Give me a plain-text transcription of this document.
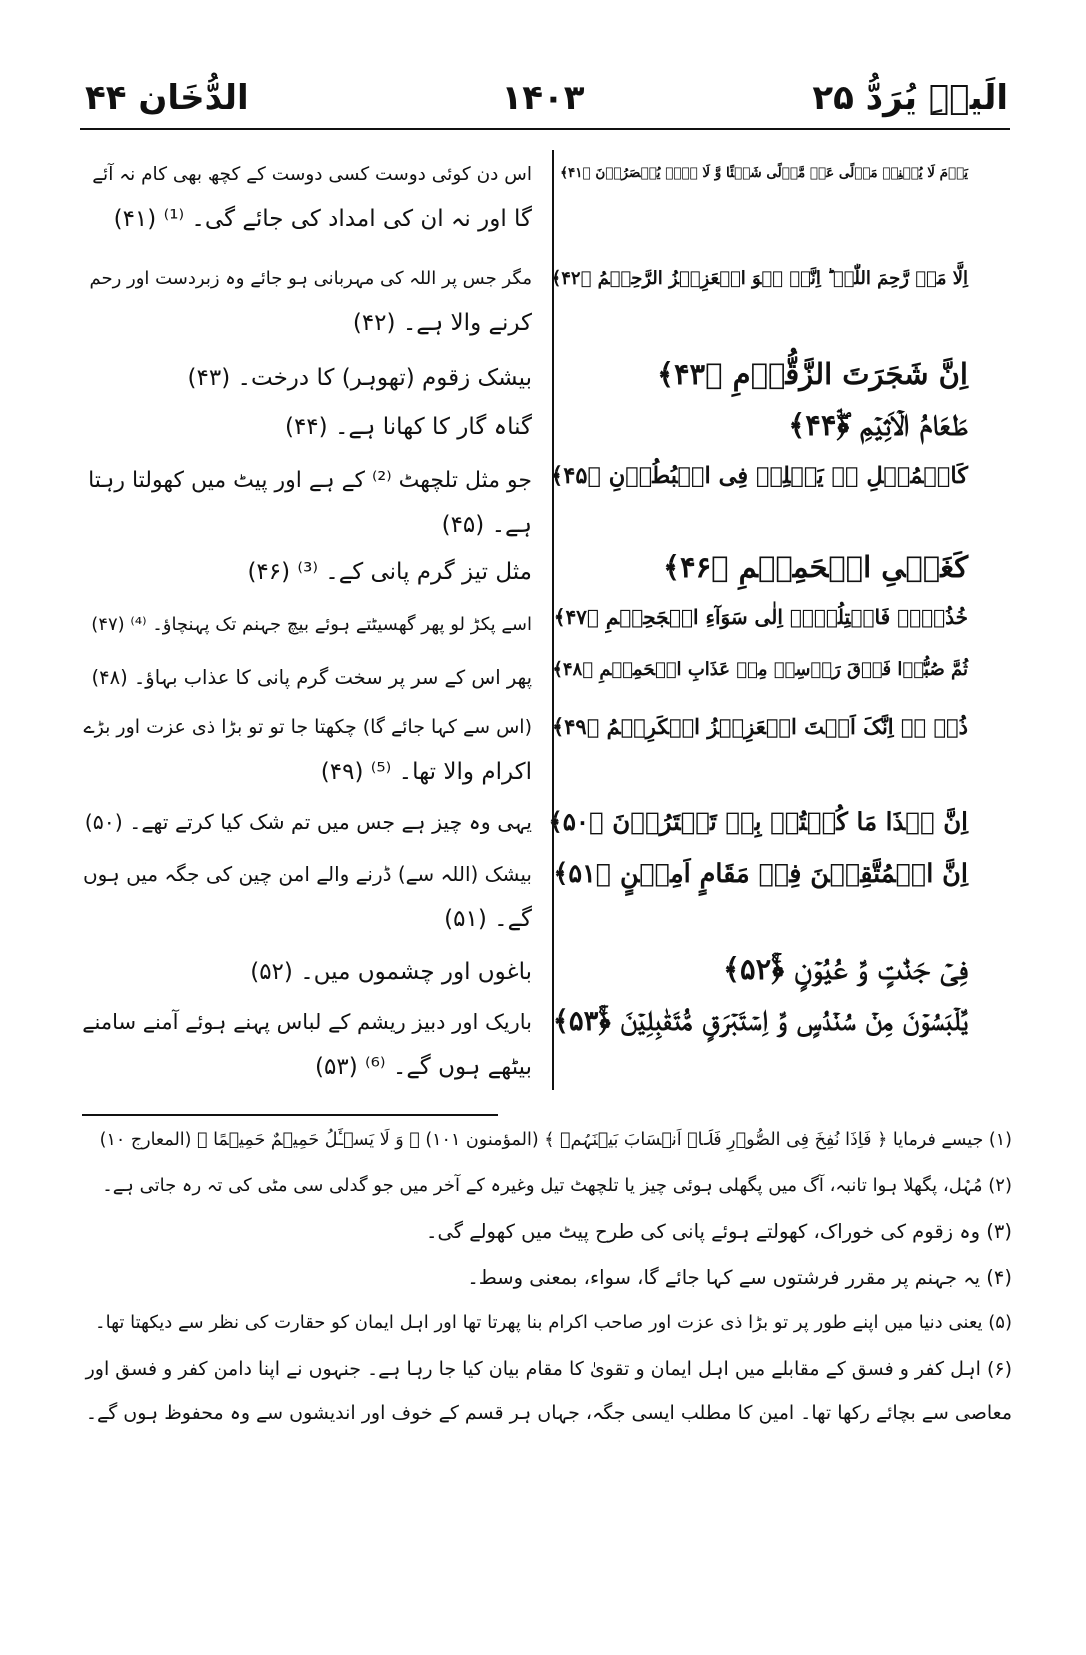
الَیۡہِ یُرَدُّ ۲۵
۱۴۰۳
الدُّخَان ۴۴
یَوۡمَ لَا یُغۡنِیۡ مَوۡلًی عَنۡ مَّوۡلًی شَیۡئًا وَّ لَا ہُمۡ یُنۡصَرُوۡنَ ﴿۴۱﴾
اس دن کوئی دوست کسی دوست کے کچھ بھی کام نہ آئے
گا اور نہ ان کی امداد کی جائے گی۔ ⁽¹⁾ (۴۱)
اِلَّا مَنۡ رَّحِمَ اللّٰہُ ؕ اِنَّہٗ ہُوَ الۡعَزِیۡزُ الرَّحِیۡمُ ﴿۴۲﴾
مگر جس پر اللہ کی مہربانی ہو جائے وہ زبردست اور رحم
کرنے والا ہے۔ (۴۲)
اِنَّ شَجَرَتَ الزَّقُّوۡمِ ﴿۴۳﴾
بیشک زقوم (تھوہر) کا درخت۔ (۴۳)
طَعَامُ الۡاَثِیۡمِ ﴿ۖۛ۴۴﴾
گناہ گار کا کھانا ہے۔ (۴۴)
کَالۡمُہۡلِ ۚۛ یَغۡلِیۡ فِی الۡبُطُوۡنِ ﴿۴۵﴾
جو مثل تلچھٹ ⁽²⁾ کے ہے اور پیٹ میں کھولتا رہتا
ہے۔ (۴۵)
کَغَلۡیِ الۡحَمِیۡمِ ﴿۴۶﴾
مثل تیز گرم پانی کے۔ ⁽³⁾ (۴۶)
خُذُوۡہُ فَاعۡتِلُوۡہُ اِلٰی سَوَآءِ الۡجَحِیۡمِ ﴿۴۷﴾
اسے پکڑ لو پھر گھسیٹتے ہوئے بیچ جہنم تک پہنچاؤ۔ ⁽⁴⁾ (۴۷)
ثُمَّ صُبُّوۡا فَوۡقَ رَاۡسِہٖ مِنۡ عَذَابِ الۡحَمِیۡمِ ﴿۴۸﴾
پھر اس کے سر پر سخت گرم پانی کا عذاب بہاؤ۔ (۴۸)
ذُقۡ ۚۙ اِنَّکَ اَنۡتَ الۡعَزِیۡزُ الۡکَرِیۡمُ ﴿۴۹﴾
(اس سے کہا جائے گا) چکھتا جا تو تو بڑا ذی عزت اور بڑے
اکرام والا تھا۔ ⁽⁵⁾ (۴۹)
اِنَّ ہٰذَا مَا کُنۡتُمۡ بِہٖ تَمۡتَرُوۡنَ ﴿۵۰﴾
یہی وہ چیز ہے جس میں تم شک کیا کرتے تھے۔ (۵۰)
اِنَّ الۡمُتَّقِیۡنَ فِیۡ مَقَامٍ اَمِیۡنٍ ﴿۵۱﴾
بیشک (اللہ سے) ڈرنے والے امن چین کی جگہ میں ہوں
گے۔ (۵۱)
فِیۡ جَنّٰتٍ وَّ عُیُوۡنٍ ﴿ۚۙ۵۲﴾
باغوں اور چشموں میں۔ (۵۲)
یَّلۡبَسُوۡنَ مِنۡ سُنۡدُسٍ وَّ اِسۡتَبۡرَقٍ مُّتَقٰبِلِیۡنَ ﴿ۚۙ۵۳﴾
باریک اور دبیز ریشم کے لباس پہنے ہوئے آمنے سامنے
بیٹھے ہوں گے۔ ⁽⁶⁾ (۵۳)
(۱) جیسے فرمایا ﴿ فَاِذَا نُفِخَ فِی الصُّوۡرِ فَلَاۤ اَنۡسَابَ بَیۡنَہُمۡ ﴾ (المؤمنون ۱۰۱) ﴿ وَ لَا یَسۡـَٔلُ حَمِیۡمٌ حَمِیۡمًا ﴾ (المعارج ۱۰)
(۲) مُہْل، پگھلا ہوا تانبہ، آگ میں پگھلی ہوئی چیز یا تلچھٹ تیل وغیرہ کے آخر میں جو گدلی سی مٹی کی تہ رہ جاتی ہے۔
(۳) وہ زقوم کی خوراک، کھولتے ہوئے پانی کی طرح پیٹ میں کھولے گی۔
(۴) یہ جہنم پر مقرر فرشتوں سے کہا جائے گا، سواء، بمعنی وسط۔
(۵) یعنی دنیا میں اپنے طور پر تو بڑا ذی عزت اور صاحب اکرام بنا پھرتا تھا اور اہل ایمان کو حقارت کی نظر سے دیکھتا تھا۔
(۶) اہل کفر و فسق کے مقابلے میں اہل ایمان و تقویٰ کا مقام بیان کیا جا رہا ہے۔ جنہوں نے اپنا دامن کفر و فسق اور
معاصی سے بچائے رکھا تھا۔ امین کا مطلب ایسی جگہ، جہاں ہر قسم کے خوف اور اندیشوں سے وہ محفوظ ہوں گے۔
